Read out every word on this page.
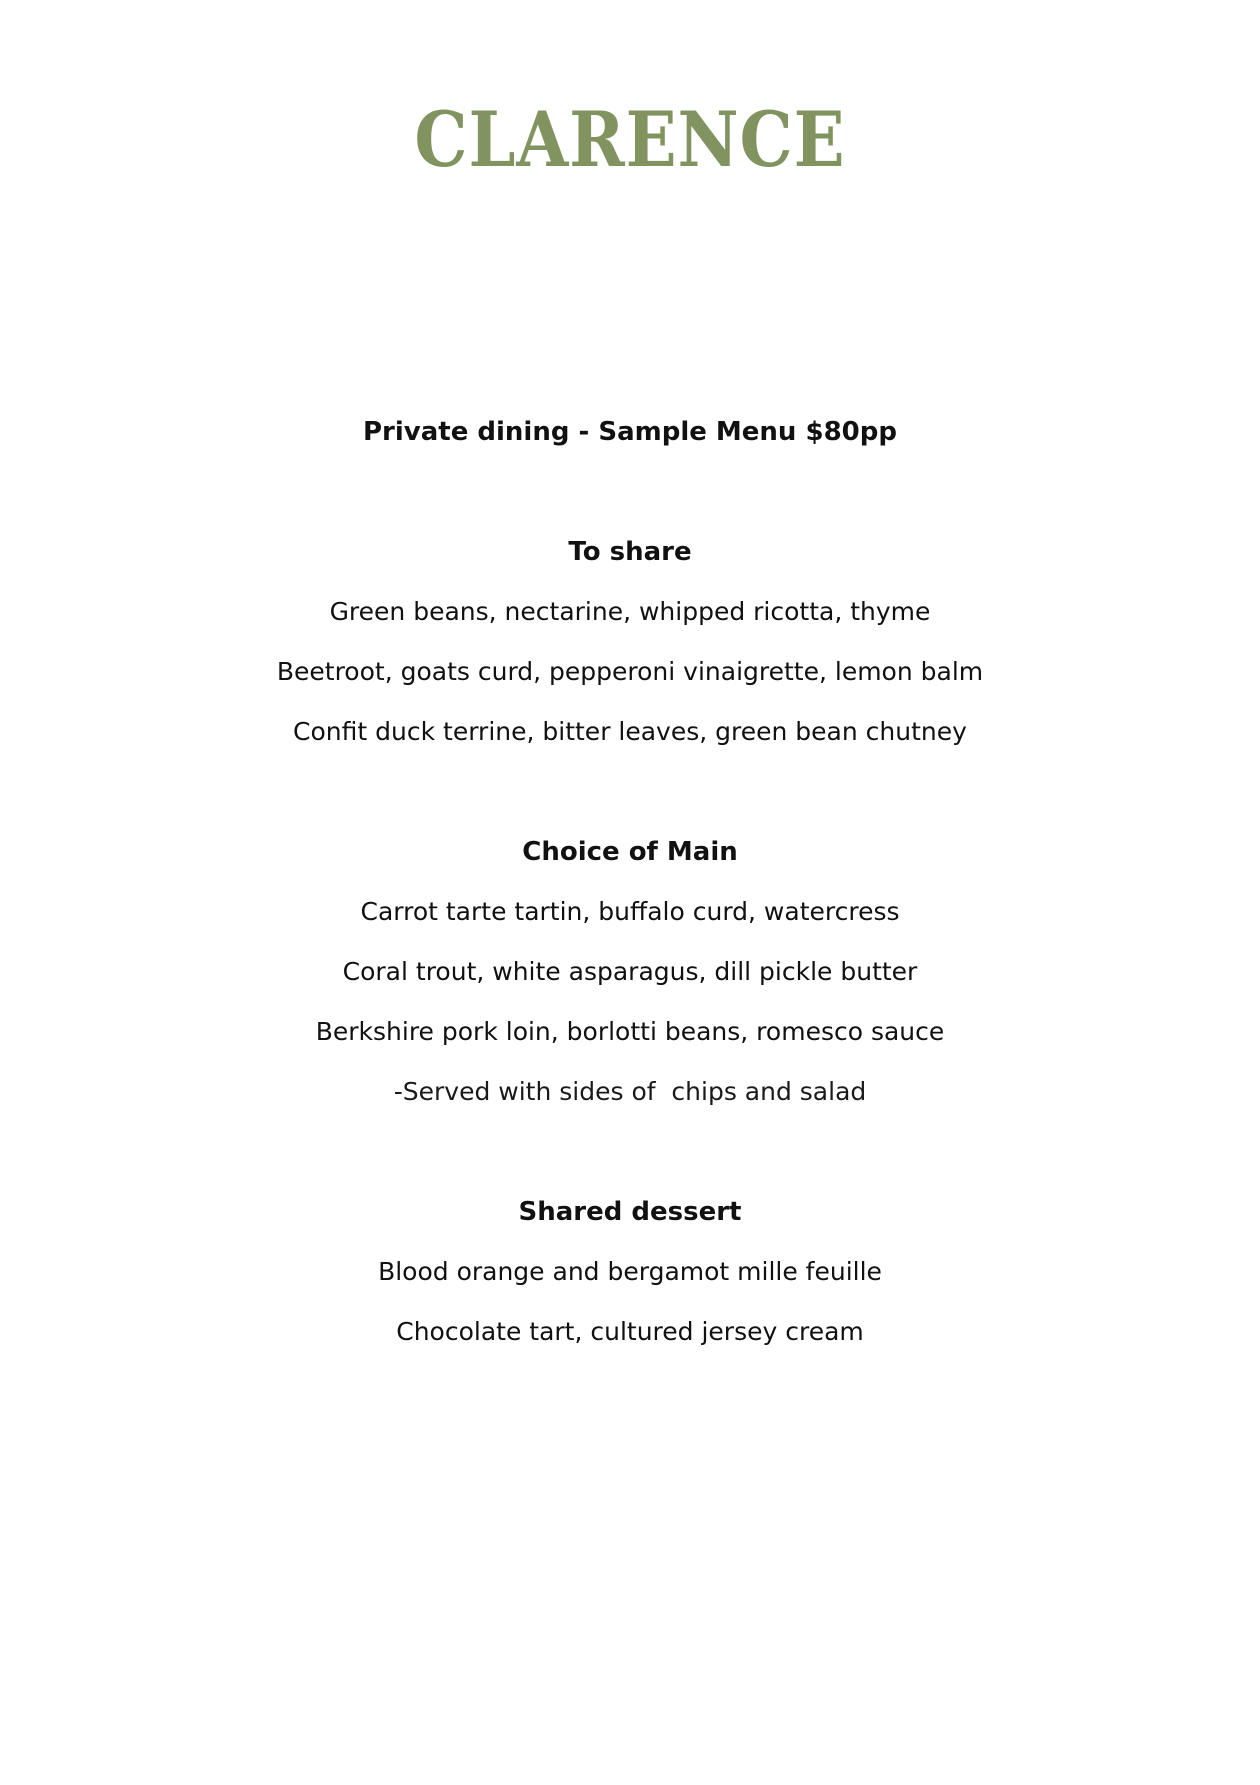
CLARENCE
Private dining - Sample Menu $80pp
To share
Green beans, nectarine, whipped ricotta, thyme
Beetroot, goats curd, pepperoni vinaigrette, lemon balm
Confit duck terrine, bitter leaves, green bean chutney
Choice of Main
Carrot tarte tartin, buffalo curd, watercress
Coral trout, white asparagus, dill pickle butter
Berkshire pork loin, borlotti beans, romesco sauce
-Served with sides of  chips and salad
Shared dessert
Blood orange and bergamot mille feuille
Chocolate tart, cultured jersey cream
